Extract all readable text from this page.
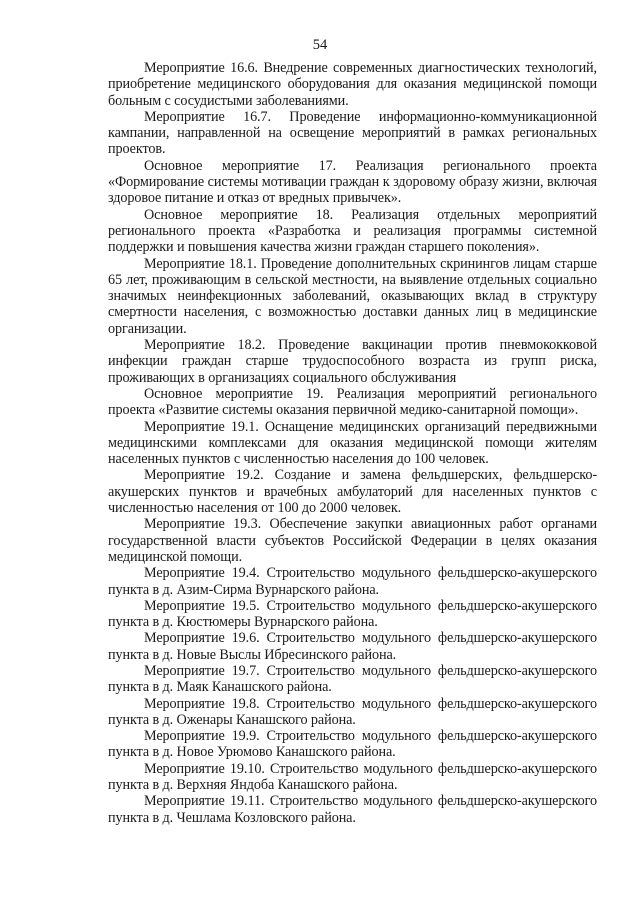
54

Мероприятие 16.6. Внедрение современных диагностических технологий, приобретение медицинского оборудования для оказания медицинской помощи больным с сосудистыми заболеваниями.

Мероприятие 16.7. Проведение информационно-коммуникационной кампании, направленной на освещение мероприятий в рамках региональных проектов.

Основное мероприятие 17. Реализация регионального проекта «Формирование системы мотивации граждан к здоровому образу жизни, включая здоровое питание и отказ от вредных привычек».

Основное мероприятие 18. Реализация отдельных мероприятий регионального проекта «Разработка и реализация программы системной поддержки и повышения качества жизни граждан старшего поколения».

Мероприятие 18.1. Проведение дополнительных скринингов лицам старше 65 лет, проживающим в сельской местности, на выявление отдельных социально значимых неинфекционных заболеваний, оказывающих вклад в структуру смертности населения, с возможностью доставки данных лиц в медицинские организации.

Мероприятие 18.2. Проведение вакцинации против пневмококковой инфекции граждан старше трудоспособного возраста из групп риска, проживающих в организациях социального обслуживания

Основное мероприятие 19. Реализация мероприятий регионального проекта «Развитие системы оказания первичной медико-санитарной помощи».

Мероприятие 19.1. Оснащение медицинских организаций передвижными медицинскими комплексами для оказания медицинской помощи жителям населенных пунктов с численностью населения до 100 человек.

Мероприятие 19.2. Создание и замена фельдшерских, фельдшерско-акушерских пунктов и врачебных амбулаторий для населенных пунктов с численностью населения от 100 до 2000 человек.

Мероприятие 19.3. Обеспечение закупки авиационных работ органами государственной власти субъектов Российской Федерации в целях оказания медицинской помощи.

Мероприятие 19.4. Строительство модульного фельдшерско-акушерского пункта в д. Азим-Сирма Вурнарского района.

Мероприятие 19.5. Строительство модульного фельдшерско-акушерского пункта в д. Кюстюмеры Вурнарского района.

Мероприятие 19.6. Строительство модульного фельдшерско-акушерского пункта в д. Новые Выслы Ибресинского района.

Мероприятие 19.7. Строительство модульного фельдшерско-акушерского пункта в д. Маяк Канашского района.

Мероприятие 19.8. Строительство модульного фельдшерско-акушерского пункта в д. Оженары Канашского района.

Мероприятие 19.9. Строительство модульного фельдшерско-акушерского пункта в д. Новое Урюмово Канашского района.

Мероприятие 19.10. Строительство модульного фельдшерско-акушерского пункта в д. Верхняя Яндоба Канашского района.

Мероприятие 19.11. Строительство модульного фельдшерско-акушерского пункта в д. Чешлама Козловского района.
